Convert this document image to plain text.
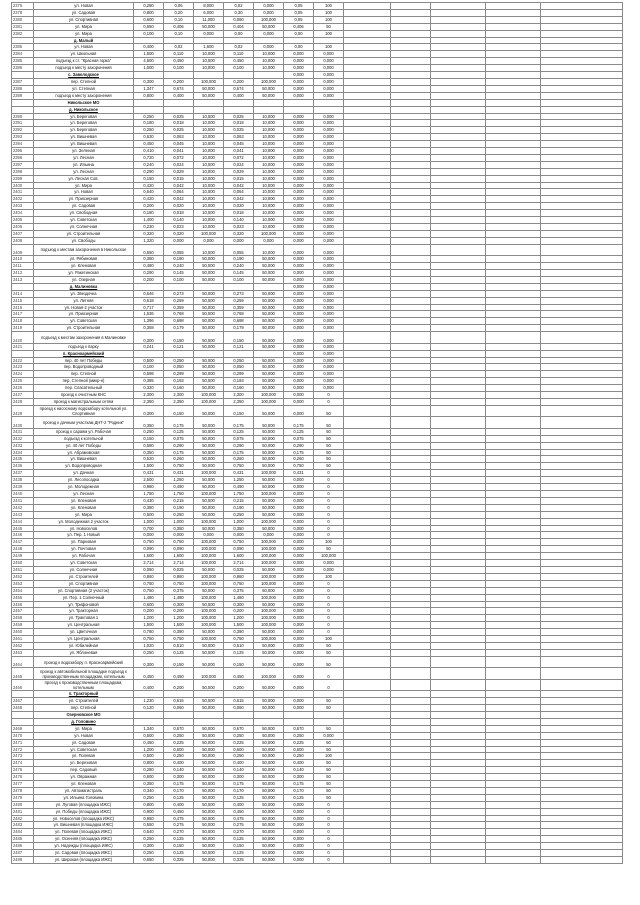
2376	ул. Новая	0,280	0,06	8,000	0,02	0,000	0,05	100					
2378	ул. Садовая	0,800	0,20	6,000	0,30	0,000	0,05	100					
2380	ул. Спортивная	0,600	0,10	11,000	0,060	100,000	0,05	100					
2381	ул. Мира	0,650	0,406	50,000	0,404	50,000	0,406	50					
2382	ул. Мира	0,100	0,10	0,000	0,00	0,000	0,00	100					
	д. Малый												
2385	ул. Новая	0,400	0,02	1,600	0,02	0,000	0,00	100					
2384	ул. Школьная	1,500	0,110	10,000	0,110	10,000	0,000	0,000					
2385	подъезд к ст. "Красная горка"	4,500	0,450	10,000	0,450	10,000	0,000	0,000					
2386	подъезд к месту захоронения	1,000	0,100	10,000	0,100	10,000	0,000	0,000					
	с. Заволодское						0,000	0,000					
2387	пер. Степной	0,300	0,200	100,000	0,200	100,000	0,000	0,000					
2388	ул. Степная	1,347	0,674	50,000	0,674	50,000	0,000	0,000					
2389	подъезд к месту захоронения	0,800	0,400	50,000	0,400	50,000	0,000	0,000					
	Никольское МО												
	д. Никольское												
2390	ул. Береговая	0,250	0,025	10,000	0,025	10,000	0,000	0,000					
2391	ул. Береговая	0,180	0,018	10,000	0,018	10,000	0,000	0,000					
2392	ул. Береговая	0,250	0,025	10,000	0,025	10,000	0,000	0,000					
2393	ул. Вишневая	0,630	0,063	10,000	0,063	10,000	0,000	0,000					
2394	ул. Вишневая	0,450	0,045	10,000	0,045	10,000	0,000	0,000					
2395	ул. Зеленая	0,410	0,041	10,000	0,041	10,000	0,000	0,000					
2396	ул. Лесная	0,720	0,072	10,000	0,072	10,000	0,000	0,000					
2397	ул. Ильина	0,240	0,024	10,000	0,024	10,000	0,000	0,000					
2398	ул. Лесная	0,290	0,029	10,000	0,029	10,000	0,000	0,000					
2399	ул. Лесная Сов.	0,150	0,015	10,000	0,015	10,000	0,000	0,000					
2400	ул. Мира	0,420	0,042	10,000	0,042	10,000	0,000	0,000					
2401	ул. Новая	0,640	0,064	10,000	0,064	10,000	0,000	0,000					
2402	ул. Приозерная	0,420	0,042	10,000	0,042	10,000	0,000	0,000					
2403	ул. Садовая	0,200	0,020	10,000	0,020	10,000	0,000	0,000					
2404	ул. Свободная	0,180	0,018	10,000	0,018	10,000	0,000	0,000					
2405	ул. Советская	1,400	0,140	10,000	0,140	10,000	0,000	0,000					
2406	ул. Солнечная	0,230	0,023	10,000	0,023	10,000	0,000	0,000					
2407	ул. Строительная	0,320	0,320	100,000	0,320	100,000	0,000	0,000					
2408	ул. Свободы	1,320	0,000	0,000	0,000	0,000	0,000	0,000					
2409	подъезд к местам захоронения в Никольское	0,550	0,055	10,000	0,055	10,000	0,000	0,000					
2410	ул. Рябиновая	0,380	0,190	50,000	0,190	50,000	0,000	0,000					
2411	ул. Кленовая	0,480	0,240	50,000	0,240	50,000	0,000	0,000					
2412	ул. Ракетинская	0,290	0,145	50,000	0,145	50,000	0,000	0,000					
2413	ул. Озерная	0,200	0,100	50,000	0,100	50,000	0,000	0,000					
	д. Малиновка						0,000	0,000					
2414	ул. Звездочка	0,546	0,273	50,000	0,273	50,000	0,000	0,000					
2415	ул. Летняя	0,518	0,259	50,000	0,259	50,000	0,000	0,000					
2416	ул. Новая-2 участок	0,717	0,359	50,000	0,359	50,000	0,000	0,000					
2417	ул. Приозерная	1,536	0,768	50,000	0,768	50,000	0,000	0,000					
2418	ул. Советская	1,396	0,698	50,000	0,698	50,000	0,000	0,000					
2419	ул. Строительная	0,358	0,179	50,000	0,179	50,000	0,000	0,000					
2420	подъезд к местам захоронения в Малиновке	0,300	0,150	50,000	0,150	50,000	0,000	0,000					
2421	подъезд к парку	0,241	0,121	50,000	0,121	50,000	0,000	0,000					
	п. Красноармейский						0,000	0,000					
2422	пер. 40 лет Победы	0,500	0,250	50,000	0,250	50,000	0,000	0,000					
2423	пер. Водопроводный	0,100	0,050	50,000	0,050	50,000	0,000	0,000					
2424	пер. Степной	0,598	0,299	50,000	0,299	50,000	0,000	0,000					
2425	пер. Степной (микр-н)	0,385	0,193	50,000	0,193	50,000	0,000	0,000					
2426	пер. Спасательный	0,320	0,160	50,000	0,160	50,000	0,000	0,000					
2427	проезд к очистным КНС	2,300	2,300	100,000	2,300	100,000	0,000	0					
2428	проезд к магистральным сетям	2,350	2,350	100,000	2,350	100,000	0,000	0					
2429	проезд к насосному водозабору котельной ул. Спортивная	0,300	0,150	50,000	0,150	50,000	0,000	50					
2430	проезд к дачным участкам ДНТ-2 "Родник"	0,350	0,175	50,000	0,175	50,000	0,175	50					
2431	проезд к сараям ул. Рабочая	0,250	0,125	50,000	0,125	50,000	0,125	50					
2432	подъезд к котельной	0,150	0,075	50,000	0,075	50,000	0,075	50					
2433	ул. 40 лет Победы	0,580	0,290	50,000	0,290	50,000	0,290	50					
2434	ул. Абрамовская	0,350	0,175	50,000	0,175	50,000	0,175	50					
2435	ул. Вишневая	0,520	0,260	50,000	0,260	50,000	0,260	50					
2436	ул. Водопроводная	1,500	0,750	50,000	0,750	50,000	0,750	50					
2437	ул. Дачная	0,431	0,431	100,000	0,431	100,000	0,431	0					
2438	ул. Лесопосадка	2,500	1,250	50,000	1,250	50,000	0,000	0					
2439	ул. Молодежная	0,980	0,490	50,000	0,490	50,000	0,000	0					
2440	ул. Лесная	1,750	1,750	100,000	1,750	100,000	0,000	0					
2441	ул. Кленовая	0,430	0,215	50,000	0,215	50,000	0,000	0					
2442	ул. Кленовая	0,380	0,190	50,000	0,190	50,000	0,000	0					
2443	ул. Мира	0,500	0,250	50,000	0,250	50,000	0,000	0					
2444	ул. Молодежная 2 участок	1,000	1,000	100,000	1,000	100,000	0,000	0					
2445	ул. Новоселов	0,700	0,350	50,000	0,350	50,000	0,000	0					
2446	ул. Пер. 1 Новый	0,000	0,000	0,000	0,000	0,000	0,000	0					
2447	ул. Парковая	0,750	0,750	100,000	0,750	100,000	0,000	100					
2448	ул. Почтовая	0,090	0,090	100,000	0,090	100,000	0,000	50					
2449	ул. Рабочая	1,600	1,600	100,000	1,600	100,000	0,000	100,000					
2450	ул. Советская	2,714	2,714	100,000	2,714	100,000	0,000	0,000					
2451	ул. Солнечная	0,050	0,025	50,000	0,025	50,000	0,000	0,000					
2452	ул. Строителей	0,860	0,860	100,000	0,860	100,000	0,000	100					
2453	ул. Спортивная	0,750	0,750	100,000	0,750	100,000	0,000	0					
2454	ул. Спортивная (2 участок)	0,750	0,375	50,000	0,375	50,000	0,000	0					
2455	ул. Пер. 1 Солнечный	1,480	1,480	100,000	1,480	100,000	0,000	0					
2456	ул. Трифоновой	0,600	0,300	50,000	0,300	50,000	0,000	0					
2457	ул. Тракторная	0,200	0,200	100,000	0,200	100,000	0,000	0					
2458	ул. Трактовая 1	1,200	1,200	100,000	1,200	100,000	0,000	0					
2459	ул. Центральная	1,500	1,500	100,000	1,500	100,000	0,000	0					
2460	ул. Цветочная	0,780	0,390	50,000	0,390	50,000	0,000	0					
2461	ул. Центральная	0,750	0,750	100,000	0,750	100,000	0,000	100					
2462	ул. Юбилейная	1,020	0,510	50,000	0,510	50,000	0,000	50					
2463	ул. Яблоневая	0,250	0,125	50,000	0,125	50,000	0,000	50					
2464	проезд к водозабору п. Красноармейский	0,300	0,150	50,000	0,150	50,000	0,000	50					
2465	проезд к автомобильной площадке подъезд к производственным площадкам, котельным	0,450	0,450	100,000	0,450	100,000	0,000	0					
2466	проезд к производственным площадкам, котельным	0,400	0,200	50,000	0,200	50,000	0,000	0					
	п. Тракторный												
2467	ул. Строителей	1,230	0,615	50,000	0,615	50,000	0,000	50					
2468	пер. Степной	0,120	0,060	50,000	0,060	50,000	0,000	50					
	Озерновское МО												
	д. Головино												
2469	ул. Мира	1,340	0,670	50,000	0,670	50,000	0,670	50					
2470	ул. Новая	0,500	0,250	50,000	0,250	50,000	0,250	0,000					
2471	ул. Садовая	0,450	0,225	50,000	0,225	50,000	0,225	50					
2472	ул. Советская	1,200	0,600	50,000	0,600	50,000	0,600	50					
2473	ул. Полевая	0,500	0,250	50,000	0,250	50,000	0,250	100					
2474	ул. Березовая	0,800	0,400	50,000	0,400	50,000	0,400	50					
2475	пер. Садовый	0,280	0,140	50,000	0,140	50,000	0,140	50					
2476	ул. Овражная	0,600	0,300	50,000	0,300	50,000	0,300	50					
2477	ул. Кленовая	0,350	0,175	50,000	0,175	50,000	0,175	50					
2478	ул. Автомагистраль	0,340	0,170	50,000	0,170	50,000	0,170	50					
2479	ул. Ильина Головина	0,250	0,125	50,000	0,125	50,000	0,125	50					
2480	ул. Луговая (площадка ИЖС)	0,800	0,400	50,000	0,400	50,000	0,000	0					
2481	ул. Победы (площадка ИЖС)	0,900	0,450	50,000	0,450	50,000	0,000	0					
2482	ул. Новоселов (площадка ИЖС)	0,950	0,475	50,000	0,475	50,000	0,000	0					
2483	ул. Вишневая (площадка ИЖС)	0,550	0,275	50,000	0,275	50,000	0,000	0					
2484	ул. Полевая (площадка ИЖС)	0,540	0,270	50,000	0,270	50,000	0,000	0					
2485	ул. Осенняя (площадка ИЖС)	0,250	0,125	50,000	0,125	50,000	0,000	0					
2486	ул. Надежды (площадка ИЖС)	0,300	0,150	50,000	0,150	50,000	0,000	0					
2487	ул. Садовая (площадка ИЖС)	0,250	0,125	50,000	0,125	50,000	0,000	0					
2488	ул. Широкая (площадка ИЖС)	0,650	0,325	50,000	0,325	50,000	0,000	0					
